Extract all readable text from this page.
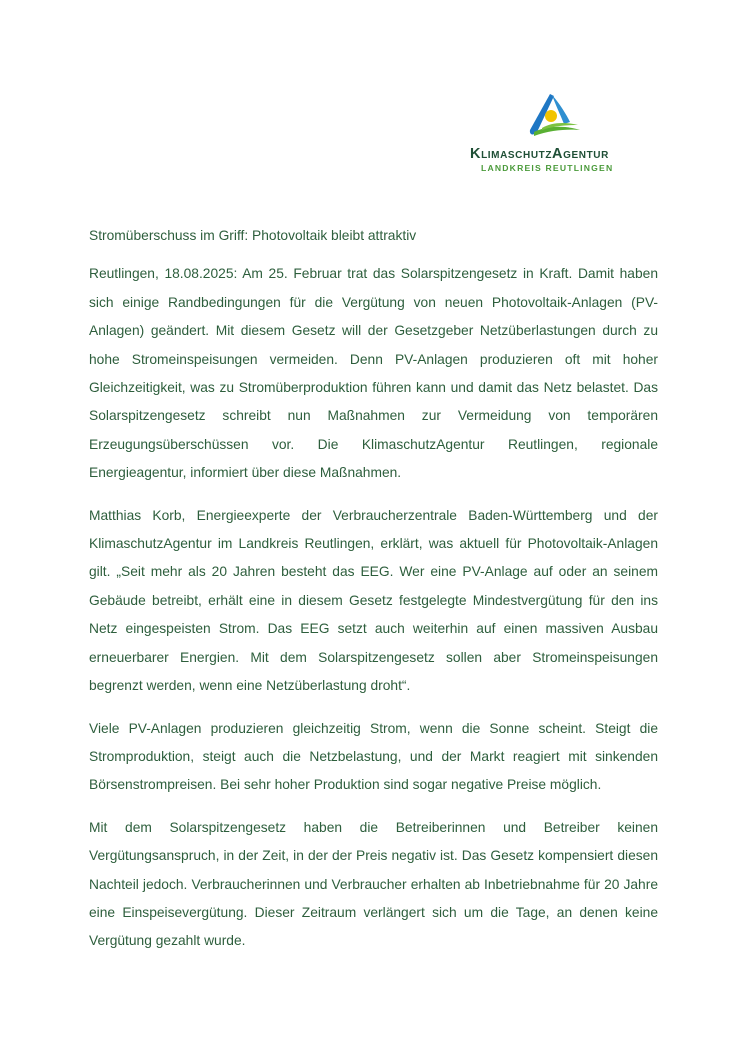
KlimaschutzAgentur
LANDKREIS REUTLINGEN

Stromüberschuss im Griff: Photovoltaik bleibt attraktiv

Reutlingen, 18.08.2025: Am 25. Februar trat das Solarspitzengesetz in Kraft. Damit haben sich einige Randbedingungen für die Vergütung von neuen Photovoltaik-Anlagen (PV-Anlagen) geändert. Mit diesem Gesetz will der Gesetzgeber Netzüberlastungen durch zu hohe Stromeinspeisungen vermeiden. Denn PV-Anlagen produzieren oft mit hoher Gleichzeitigkeit, was zu Stromüberproduktion führen kann und damit das Netz belastet. Das Solarspitzengesetz schreibt nun Maßnahmen zur Vermeidung von temporären Erzeugungsüberschüssen vor. Die KlimaschutzAgentur Reutlingen, regionale Energieagentur, informiert über diese Maßnahmen.

Matthias Korb, Energieexperte der Verbraucherzentrale Baden-Württemberg und der KlimaschutzAgentur im Landkreis Reutlingen, erklärt, was aktuell für Photovoltaik-Anlagen gilt. „Seit mehr als 20 Jahren besteht das EEG. Wer eine PV-Anlage auf oder an seinem Gebäude betreibt, erhält eine in diesem Gesetz festgelegte Mindestvergütung für den ins Netz eingespeisten Strom. Das EEG setzt auch weiterhin auf einen massiven Ausbau erneuerbarer Energien. Mit dem Solarspitzengesetz sollen aber Stromeinspeisungen begrenzt werden, wenn eine Netzüberlastung droht“.

Viele PV-Anlagen produzieren gleichzeitig Strom, wenn die Sonne scheint. Steigt die Stromproduktion, steigt auch die Netzbelastung, und der Markt reagiert mit sinkenden Börsenstrompreisen. Bei sehr hoher Produktion sind sogar negative Preise möglich.

Mit dem Solarspitzengesetz haben die Betreiberinnen und Betreiber keinen Vergütungsanspruch, in der Zeit, in der der Preis negativ ist. Das Gesetz kompensiert diesen Nachteil jedoch. Verbraucherinnen und Verbraucher erhalten ab Inbetriebnahme für 20 Jahre eine Einspeisevergütung. Dieser Zeitraum verlängert sich um die Tage, an denen keine Vergütung gezahlt wurde.
